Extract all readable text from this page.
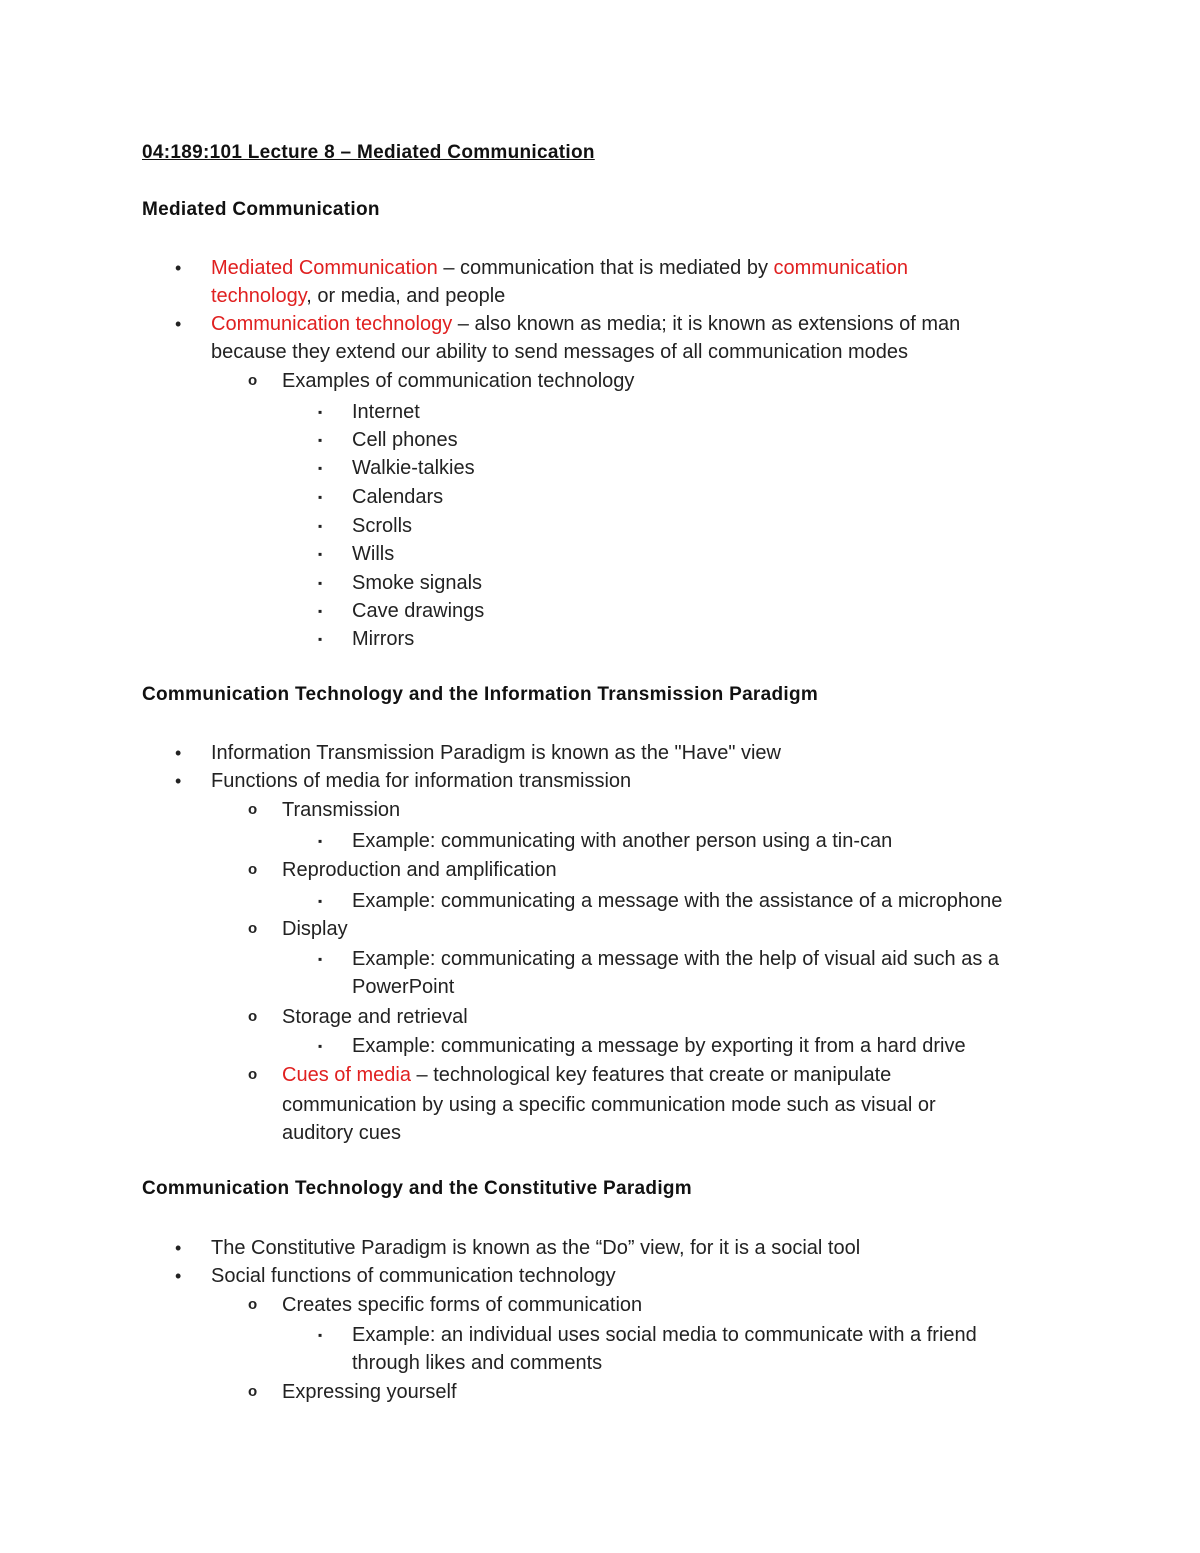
04:189:101 Lecture 8 – Mediated Communication
Mediated Communication
• Mediated Communication – communication that is mediated by communication

technology, or media, and people

• Communication technology – also known as media; it is known as extensions of man

because they extend our ability to send messages of all communication modes

o Examples of communication technology

▪ Internet

▪ Cell phones

▪ Walkie-talkies

▪ Calendars

▪ Scrolls

▪ Wills

▪ Smoke signals

▪ Cave drawings

▪ Mirrors

Communication Technology and the Information Transmission Paradigm
• Information Transmission Paradigm is known as the "Have" view

• Functions of media for information transmission

o Transmission

▪ Example: communicating with another person using a tin-can

o Reproduction and amplification

▪ Example: communicating a message with the assistance of a microphone

o Display

▪ Example: communicating a message with the help of visual aid such as a

PowerPoint

o Storage and retrieval

▪ Example: communicating a message by exporting it from a hard drive

o Cues of media – technological key features that create or manipulate

communication by using a specific communication mode such as visual or

auditory cues

Communication Technology and the Constitutive Paradigm
• The Constitutive Paradigm is known as the “Do” view, for it is a social tool

• Social functions of communication technology

o Creates specific forms of communication

▪ Example: an individual uses social media to communicate with a friend

through likes and comments

o Expressing yourself
